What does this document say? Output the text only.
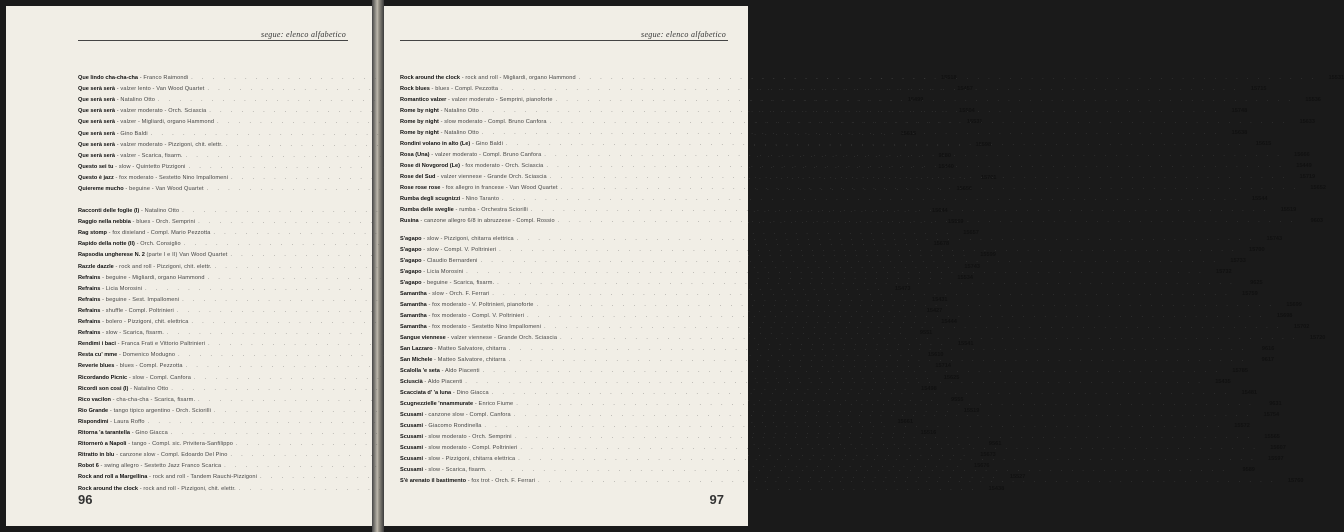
segue: elenco alfabetico
Que lindo cha-cha-cha - Franco Raimondi . . .	15518
Que serà serà - valzer lento - Van Wood Quartet . . .	15457
Que serà serà - Natalino Otto . . .	15499
Que serà serà - valzer moderato - Orch. Sciascia . . .	15504
Que serà serà - valzer - Migliardi, organo Hammond . . .	15531
Que serà serà - Gino Baldi . . .	15615
Que serà serà - valzer moderato - Pizzigoni, chit. elettr. . . .	15598
Que serà serà - valzer - Scarica, fisarm. . . .	9580
Questo sei tu - slow - Quintetto Pizzigoni . . .	15440
Questo è jazz - fox moderato - Sestetto Nino Impallomeni . . .	15701
Quiereme mucho - beguine - Van Wood Quartet . . .	15656
Racconti delle foglie (I) - Natalino Otto . . .	15644
Raggio nella nebbia - blues - Orch. Semprini . . .	15569
Rag stomp - fox dixieland - Compl. Mario Pezzotta . . .	15657
Rapido della notte (Il) - Orch. Consiglio . . .	15678
Rapsodia ungherese N. 2 (parte I e II) Van Wood Quartet . . .	15599
Razzle dazzle - rock and roll - Pizzigoni, chit. elettr. . . .	15743
Refrains - beguine - Migliardi, organo Hammond . . .	15534
Refrains - Licia Morosini . . .	15473
Refrains - beguine - Sest. Impallomeni . . .	15431
Refrains - shuffle - Compl. Poltrinieri . . .	15427
Refrains - bolero - Pizzigoni, chit. elettrica . . .	15444
Refrains - slow - Scarica, fisarm. . . .	9551
Rendimi i baci - Franca Frati e Vittorio Paltrinieri . . .	15541
Resta cu' mme - Domenico Modugno . . .	15610
Reverie blues - blues - Compl. Pezzotta . . .	15714
Ricordando Picnic - slow - Compl. Canfora . . .	15625
Ricordi son cosi (I) - Natalino Otto . . .	15498
Rico vacilon - cha-cha-cha - Scarica, fisarm. . . .	9555
Rio Grande - tango tipico argentino - Orch. Sciorilli . . .	15519
Rispondimi - Laura Roffo . . .	15661
Ritorna 'a tarantella - Gino Giacca . . .	15516
Ritornerò a Napoli - tango - Compl. sic. Privitera-Sanfilippo . . .	9561
Ritratto in blu - canzone slow - Compl. Edoardo Del Pino . . .	15673
Robot 6 - swing allegro - Sestetto Jazz Franco Scarica . . .	15676
Rock and roll a Margellina - rock and roll - Tandem Rauchi-Pizzigoni . . .	15527
Rock around the clock - rock and roll - Pizzigoni, chit. elettr. . . .	15438
96
segue: elenco alfabetico
Rock around the clock - rock and roll - Migliardi, organo Hammond . . .	15531
Rock blues - blues - Compl. Pezzotta . . .	15715
Romantico valzer - valzer moderato - Semprini, pianoforte . . .	15536
Rome by night - Natalino Otto . . .	15748
Rome by night - slow moderato - Compl. Bruno Canfora . . .	15633
Rome by night - Natalino Otto . . .	15638
Rondini volano in alto (Le) - Gino Baldi . . .	15615
Rosa (Una) - valzer moderato - Compl. Bruno Canfora . . .	15666
Rose di Novgorod (Le) - fox moderato - Orch. Sciascia . . .	15449
Rose del Sud - valzer viennese - Grande Orch. Sciascia . . .	15719
Rose rose rose - fox allegro in francese - Van Wood Quartet . . .	15652
Rumba degli scugnizzi - Nino Taranto . . .	15544
Rumba delle sveglie - rumba - Orchestra Sciorilli . . .	15519
Rusina - canzone allegro 6/8 in abruzzese - Compl. Rossio . . .	9603
S'agapo - slow - Pizzigoni, chitarra elettrica . . .	15743
S'agapo - slow - Compl. V. Poltrinieri . . .	15700
S'agapo - Claudio Bernardeni . . .	15733
S'agapo - Licia Morosini . . .	15732
S'agapo - beguine - Scarica, fisarm. . . .	9625
Samantha - slow - Orch. F. Ferrari . . .	15759
Samantha - fox moderato - V. Poltrinieri, pianoforte . . .	15699
Samantha - fox moderato - Compl. V. Poltrinieri . . .	15698
Samantha - fox moderato - Sestetto Nino Impallomeni . . .	15702
Sangue viennese - valzer viennese - Grande Orch. Sciascia . . .	15720
San Lazzaro - Matteo Salvatore, chitarra . . .	9616
San Michele - Matteo Salvatore, chitarra . . .	9617
Scalolla 'e seta - Aldo Piacenti . . .	15785
Sciuscià - Aldo Piacenti . . .	15435
Scacciata d' 'a luna - Dino Giacca . . .	15481
Scugnezzielle 'nnammurate - Enrico Fiume . . .	9631
Scusami - canzone slow - Compl. Canfora . . .	15754
Scusami - Giacomo Rondinella . . .	15572
Scusami - slow moderato - Orch. Semprini . . .	15565
Scusami - slow moderato - Compl. Poltrinieri . . .	15607
Scusami - slow - Pizzigoni, chitarra elettrica . . .	15597
Scusami - slow - Scarica, fisarm. . . .	9589
S'è arenato il bastimento - fox trot - Orch. F. Ferrari . . .	15760
97
